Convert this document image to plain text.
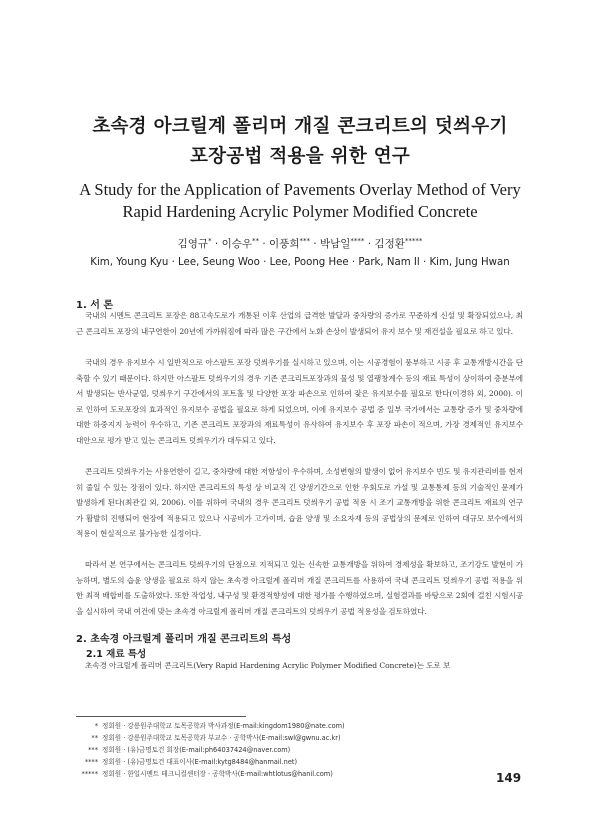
초속경 아크릴계 폴리머 개질 콘크리트의 덧씌우기
포장공법 적용을 위한 연구
A Study for the Application of Pavements Overlay Method of Very
Rapid Hardening Acrylic Polymer Modified Concrete
김영규* · 이승우** · 이풍희*** · 박남일**** · 김정환*****
Kim, Young Kyu · Lee, Seung Woo · Lee, Poong Hee · Park, Nam Il · Kim, Jung Hwan
1. 서 론

국내의 시멘트 콘크리트 포장은 88고속도로가 개통된 이후 산업의 급격한 발달과 중차량의 증가로 꾸준하게 신설 및 확장되었으나, 최근 콘크리트 포장의 내구연한이 20년에 가까워짐에 따라 많은 구간에서 노화 손상이 발생되어 유지 보수 및 재건설을 필요로 하고 있다.

국내의 경우 유지보수 시 일반적으로 아스팔트 포장 덧씌우기를 실시하고 있으며, 이는 시공경험이 풍부하고 시공 후 교통개방시간을 단축할 수 있기 때문이다. 하지만 아스팔트 덧씌우기의 경우 기존 콘크리트포장과의 물성 및 열팽창계수 등의 재료 특성이 상이하여 층분부에서 발생되는 반사균열, 덧씌우기 구간에서의 포트홀 및 다양한 포장 파손으로 인하여 잦은 유지보수를 필요로 한다(이경하 외, 2000). 이로 인하여 도로포장의 효과적인 유지보수 공법을 필요로 하게 되었으며, 이에 유지보수 공법 중 일부 국가에서는 교통량 증가 및 중차량에 대한 하중지지 능력이 우수하고, 기존 콘크리트 포장과의 재료특성이 유사하여 유지보수 후 포장 파손이 적으며, 가장 경제적인 유지보수 대안으로 평가 받고 있는 콘크리트 덧씌우기가 대두되고 있다.

콘크리트 덧씌우기는 사용연한이 길고, 중차량에 대한 저항성이 우수하며, 소성변형의 발생이 없어 유지보수 빈도 및 유지관리비를 현저히 줄일 수 있는 장점이 있다. 하지만 콘크리트의 특성 상 비교적 긴 양생기간으로 인한 우회도로 가설 및 교통통제 등의 기술적인 문제가 발생하게 된다(최관길 외, 2006). 이를 위하여 국내의 경우 콘크리트 덧씌우기 공법 적용 시 조기 교통개방을 위한 콘크리트 재료의 연구가 활발히 진행되어 현장에 적용되고 있으나 시공비가 고가이며, 습윤 양생 및 소요자재 등의 공법상의 문제로 인하여 대규모 보수에서의 적용이 현실적으로 불가능한 실정이다.

따라서 본 연구에서는 콘크리트 덧씌우기의 단점으로 지적되고 있는 신속한 교통개방을 위하여 경제성을 확보하고, 조기강도 발현이 가능하며, 별도의 습윤 양생을 필요로 하지 않는 초속경 아크릴계 폴리머 개질 콘크리트를 사용하여 국내 콘크리트 덧씌우기 공법 적용을 위한 최적 배합비를 도출하였다. 또한 작업성, 내구성 및 환경적향성에 대한 평가를 수행하였으며, 실험결과를 바탕으로 2회에 걸친 시험시공을 실시하여 국내 여건에 맞는 초속경 아크릴계 폴리머 개질 콘크리트의 덧씌우기 공법 적용성을 검토하였다.

2. 초속경 아크릴계 폴리머 개질 콘크리트의 특성
2.1 재료 특성

초속경 아크릴계 폴리머 콘크리트(Very Rapid Hardening Acrylic Polymer Modified Concrete)는 도로 보

* 정회원 · 강릉원주대학교 토목공학과 박사과정(E-mail:kingdom1980@nate.com)
** 정회원 · 강릉원주대학교 토목공학과 부교수 · 공학박사(E-mail:swl@gwnu.ac.kr)
*** 정회원 · (유)금명토건 회장(E-mail:ph64037424@naver.com)
**** 정회원 · (유)금명토건 대표이사(E-mail:kytg8484@hanmail.net)
***** 정회원 · 한일시멘트 테크니컬센터장 · 공학박사(E-mail:whtlotus@hanil.com)	149
